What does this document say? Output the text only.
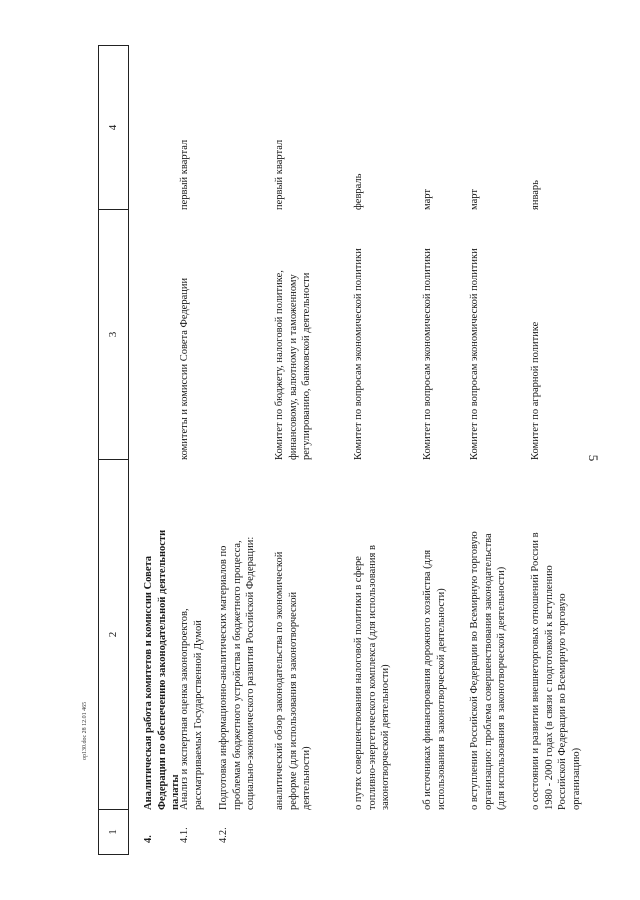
5
1
2
3
4
4.
Аналитическая работа комитетов и комиссии Совета Федерации по обеспечению законодательной деятельности палаты
4.1.
Анализ и экспертная оценка законопроектов, рассматриваемых Государственной Думой
комитеты и комиссии Совета Федерации
первый квартал
4.2.
Подготовка информационно-аналитических материалов по проблемам бюджетного устройства и бюджетного процесса, социально-экономического развития Российской Федерации: аналитический обзор законодательства по экономической реформе (для использования в законотворческой деятельности)
Комитет по бюджету, налоговой политике, финансовому, валютному и таможенному регулированию, банковской деятельности
первый квартал
о путях совершенствования налоговой политики в сфере топливно-энергетического комплекса (для использования в законотворческой деятельности)
Комитет по вопросам экономической политики
февраль
об источниках финансирования дорожного хозяйства (для использования в законотворческой деятельности)
Комитет по вопросам экономической политики
март
о вступлении Российской Федерации во Всемирную торговую организацию: проблема совершенствования законодательства (для использования в законотворческой деятельности)
Комитет по вопросам экономической политики
март
о состоянии и развитии внешнеторговых отношений России в 1980 - 2000 годах (в связи с подготовкой к вступлению Российской Федерации во Всемирную торговую организацию)
Комитет по аграрной политике
январь
ор130.doc 28 12.01 465
